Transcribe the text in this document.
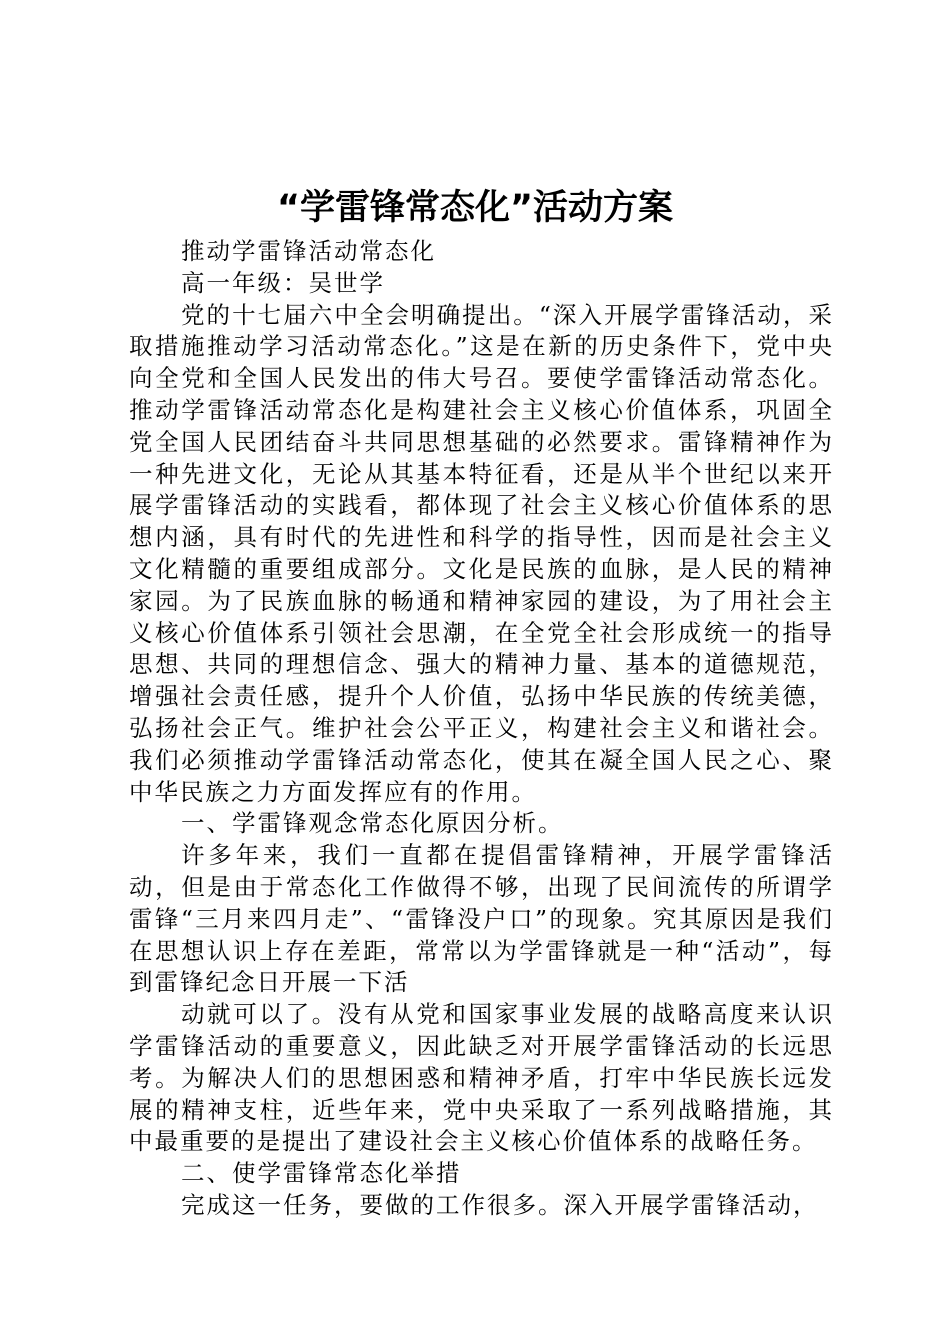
“学雷锋常态化”活动方案

推动学雷锋活动常态化

高一年级：吴世学

党的十七届六中全会明确提出。“深入开展学雷锋活动，采取措施推动学习活动常态化。”这是在新的历史条件下，党中央向全党和全国人民发出的伟大号召。要使学雷锋活动常态化。推动学雷锋活动常态化是构建社会主义核心价值体系，巩固全党全国人民团结奋斗共同思想基础的必然要求。雷锋精神作为一种先进文化，无论从其基本特征看，还是从半个世纪以来开展学雷锋活动的实践看，都体现了社会主义核心价值体系的思想内涵，具有时代的先进性和科学的指导性，因而是社会主义文化精髓的重要组成部分。文化是民族的血脉，是人民的精神家园。为了民族血脉的畅通和精神家园的建设，为了用社会主义核心价值体系引领社会思潮，在全党全社会形成统一的指导思想、共同的理想信念、强大的精神力量、基本的道德规范，增强社会责任感，提升个人价值，弘扬中华民族的传统美德，弘扬社会正气。维护社会公平正义，构建社会主义和谐社会。我们必须推动学雷锋活动常态化，使其在凝全国人民之心、聚中华民族之力方面发挥应有的作用。

一、学雷锋观念常态化原因分析。

许多年来，我们一直都在提倡雷锋精神，开展学雷锋活动，但是由于常态化工作做得不够，出现了民间流传的所谓学雷锋“三月来四月走”、“雷锋没户口”的现象。究其原因是我们在思想认识上存在差距，常常以为学雷锋就是一种“活动”，每到雷锋纪念日开展一下活

动就可以了。没有从党和国家事业发展的战略高度来认识学雷锋活动的重要意义，因此缺乏对开展学雷锋活动的长远思考。为解决人们的思想困惑和精神矛盾，打牢中华民族长远发展的精神支柱，近些年来，党中央采取了一系列战略措施，其中最重要的是提出了建设社会主义核心价值体系的战略任务。

二、使学雷锋常态化举措

完成这一任务，要做的工作很多。深入开展学雷锋活动，
